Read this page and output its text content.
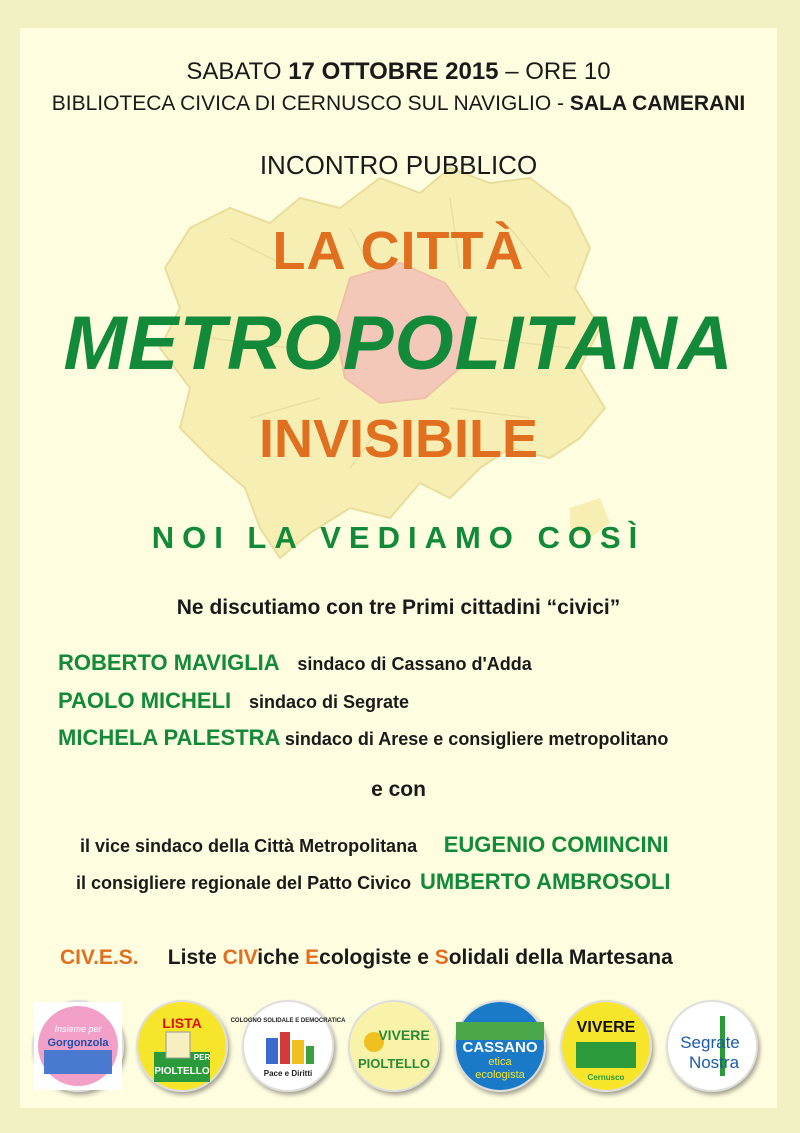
SABATO 17 OTTOBRE 2015 – ORE 10
BIBLIOTECA CIVICA DI CERNUSCO SUL NAVIGLIO - SALA CAMERANI
INCONTRO PUBBLICO
LA CITTÀ
METROPOLITANA
INVISIBILE
NOI LA VEDIAMO COSÌ
Ne discutiamo con tre Primi cittadini “civici”
ROBERTO MAVIGLIA sindaco di Cassano d'Adda
PAOLO MICHELI sindaco di Segrate
MICHELA PALESTRA sindaco di Arese e consigliere metropolitano
e con
il vice sindaco della Città Metropolitana EUGENIO COMINCINI
il consigliere regionale del Patto Civico UMBERTO AMBROSOLI
CIV.E.S. Liste CIViche Ecologiste e Solidali della Martesana
Insieme per
Gorgonzola
LISTA
PER
PIOLTELLO
COLOGNO SOLIDALE E DEMOCRATICA
Pace e Diritti
VIVERE
PIOLTELLO
CASSANO
etica
ecologista
VIVERE
Cernusco
Segrate
Nostra
